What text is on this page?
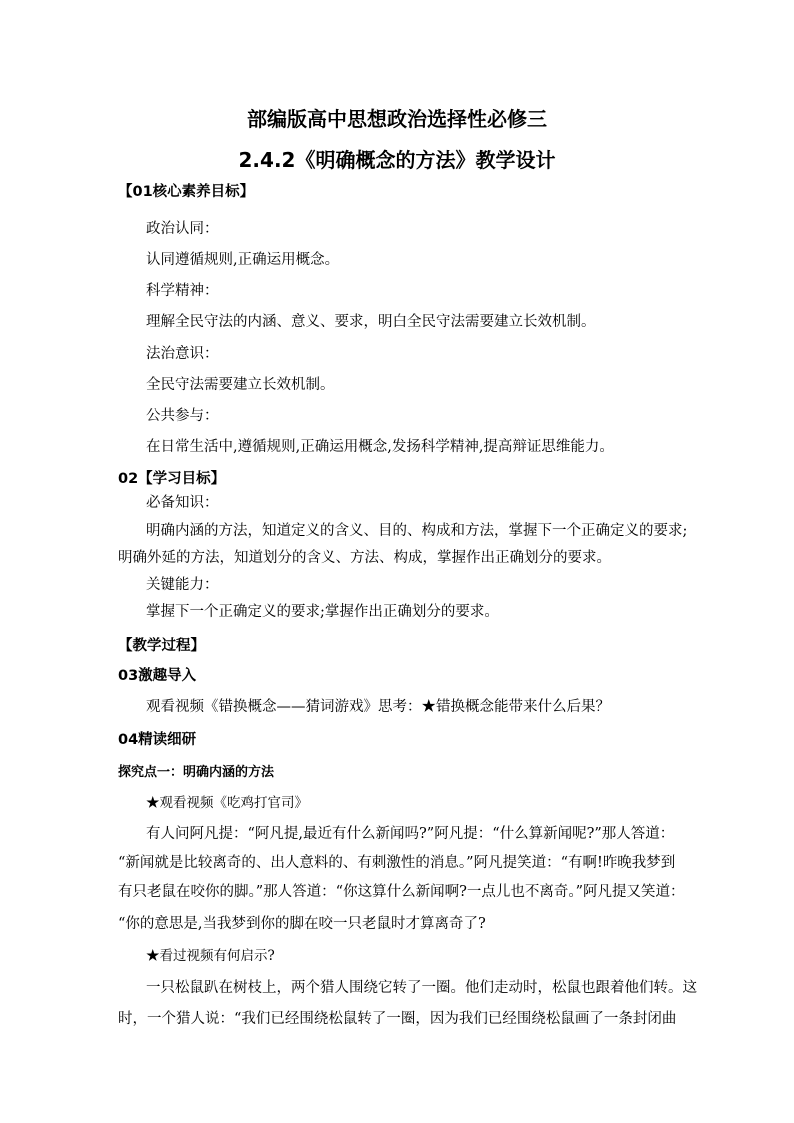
部编版高中思想政治选择性必修三
2.4.2《明确概念的方法》教学设计
【01核心素养目标】
政治认同：
认同遵循规则,正确运用概念。
科学精神：
理解全民守法的内涵、意义、要求，明白全民守法需要建立长效机制。
法治意识：
全民守法需要建立长效机制。
公共参与：
在日常生活中,遵循规则,正确运用概念,发扬科学精神,提高辩证思维能力。
02【学习目标】
必备知识：
明确内涵的方法，知道定义的含义、目的、构成和方法，掌握下一个正确定义的要求;
明确外延的方法，知道划分的含义、方法、构成，掌握作出正确划分的要求。
关键能力：
掌握下一个正确定义的要求;掌握作出正确划分的要求。
【教学过程】
03激趣导入
观看视频《错换概念——猜词游戏》思考：★错换概念能带来什么后果？
04精读细研
探究点一：明确内涵的方法
★观看视频《吃鸡打官司》
有人问阿凡提：“阿凡提,最近有什么新闻吗?”阿凡提：“什么算新闻呢?”那人答道：
“新闻就是比较离奇的、出人意料的、有刺激性的消息。”阿凡提笑道：“有啊!昨晚我梦到
有只老鼠在咬你的脚。”那人答道：“你这算什么新闻啊?一点儿也不离奇。”阿凡提又笑道：
“你的意思是,当我梦到你的脚在咬一只老鼠时才算离奇了?
★看过视频有何启示?
一只松鼠趴在树枝上，两个猎人围绕它转了一圈。他们走动时，松鼠也跟着他们转。这
时，一个猎人说：“我们已经围绕松鼠转了一圈，因为我们已经围绕松鼠画了一条封闭曲
